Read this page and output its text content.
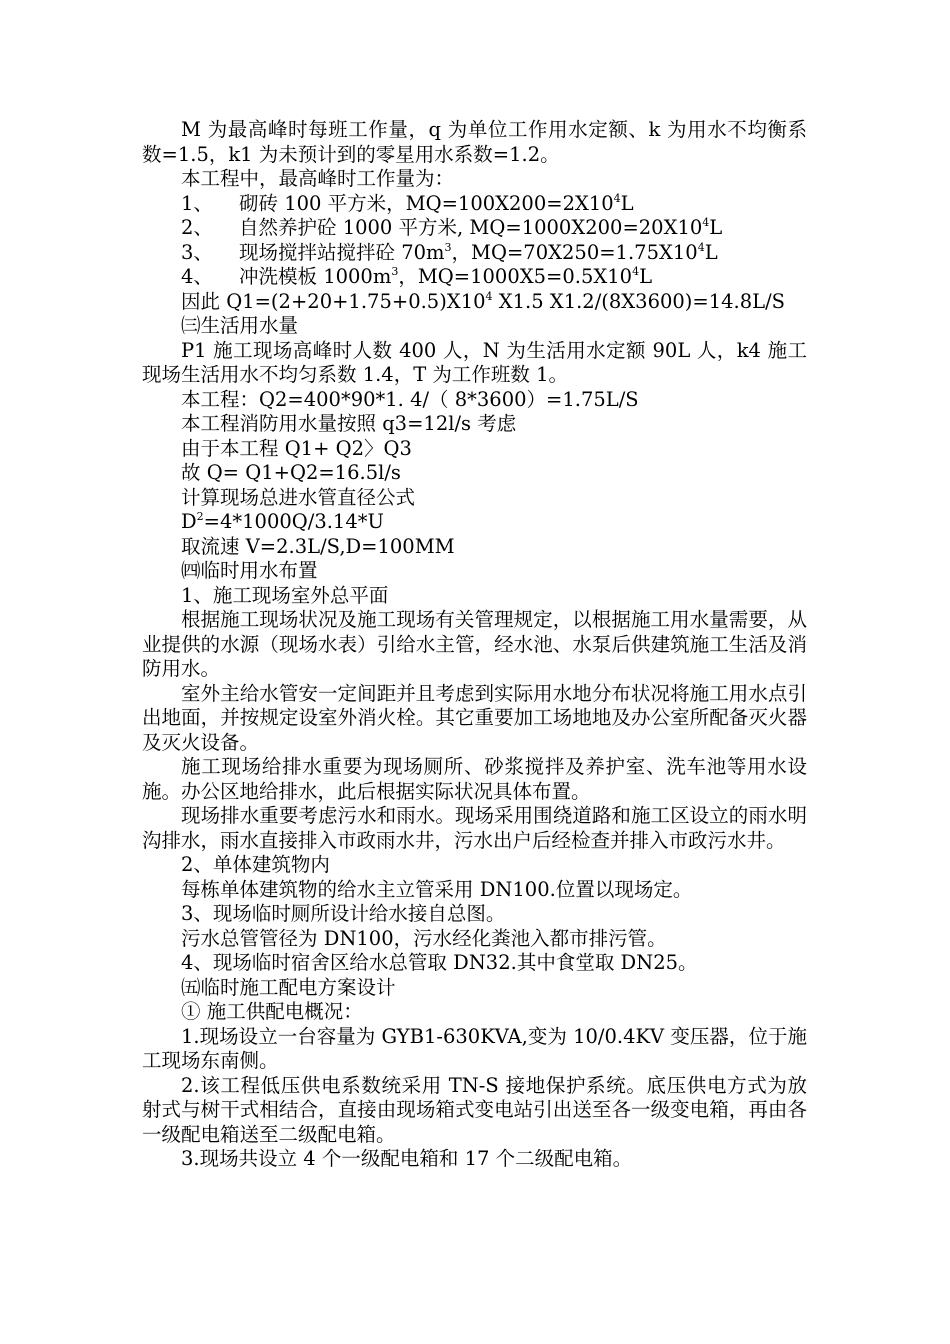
M 为最高峰时每班工作量，q 为单位工作用水定额、k 为用水不均衡系数=1.5，k1 为未预计到的零星用水系数=1.2。

本工程中，最高峰时工作量为：

1、 砌砖 100 平方米，$MQ=100X200=2X10^4L$

2、 自然养护砼 1000 平方米, $MQ=1000X200=20X10^4L$

3、 现场搅拌站搅拌砼 $70m^3$，$MQ=70X250=1.75X10^4L$

4、 冲洗模板 $1000m^3$，$MQ=1000X5=0.5X10^4L$

因此 $Q1=(2+20+1.75+0.5)X10^4$ X1.5 X1.2/(8X3600)=14.8L/S

㈢生活用水量

P1 施工现场高峰时人数 400 人，N 为生活用水定额 90L 人，k4 施工现场生活用水不均匀系数 1.4，T 为工作班数 1。

本工程：Q2=400*90*1. 4/（ 8*3600）=1.75L/S

本工程消防用水量按照 q3=12l/s 考虑

由于本工程 Q1+ Q2〉Q3

故 Q= Q1+Q2=16.5l/s

计算现场总进水管直径公式

$D^2=4*1000Q/3.14*U$

取流速 V=2.3L/S,D=100MM

㈣临时用水布置

1、施工现场室外总平面

根据施工现场状况及施工现场有关管理规定，以根据施工用水量需要，从业提供的水源（现场水表）引给水主管，经水池、水泵后供建筑施工生活及消防用水。

室外主给水管安一定间距并且考虑到实际用水地分布状况将施工用水点引出地面，并按规定设室外消火栓。其它重要加工场地地及办公室所配备灭火器及灭火设备。

施工现场给排水重要为现场厕所、砂浆搅拌及养护室、洗车池等用水设施。办公区地给排水，此后根据实际状况具体布置。

现场排水重要考虑污水和雨水。现场采用围绕道路和施工区设立的雨水明沟排水，雨水直接排入市政雨水井，污水出户后经检查并排入市政污水井。

2、单体建筑物内

每栋单体建筑物的给水主立管采用 DN100.位置以现场定。

3、现场临时厕所设计给水接自总图。

污水总管管径为 DN100，污水经化粪池入都市排污管。

4、现场临时宿舍区给水总管取 DN32.其中食堂取 DN25。

㈤临时施工配电方案设计

① 施工供配电概况：

1.现场设立一台容量为 GYB1-630KVA,变为 10/0.4KV 变压器，位于施工现场东南侧。

2.该工程低压供电系数统采用 TN-S 接地保护系统。底压供电方式为放射式与树干式相结合，直接由现场箱式变电站引出送至各一级变电箱，再由各一级配电箱送至二级配电箱。

3.现场共设立 4 个一级配电箱和 17 个二级配电箱。
